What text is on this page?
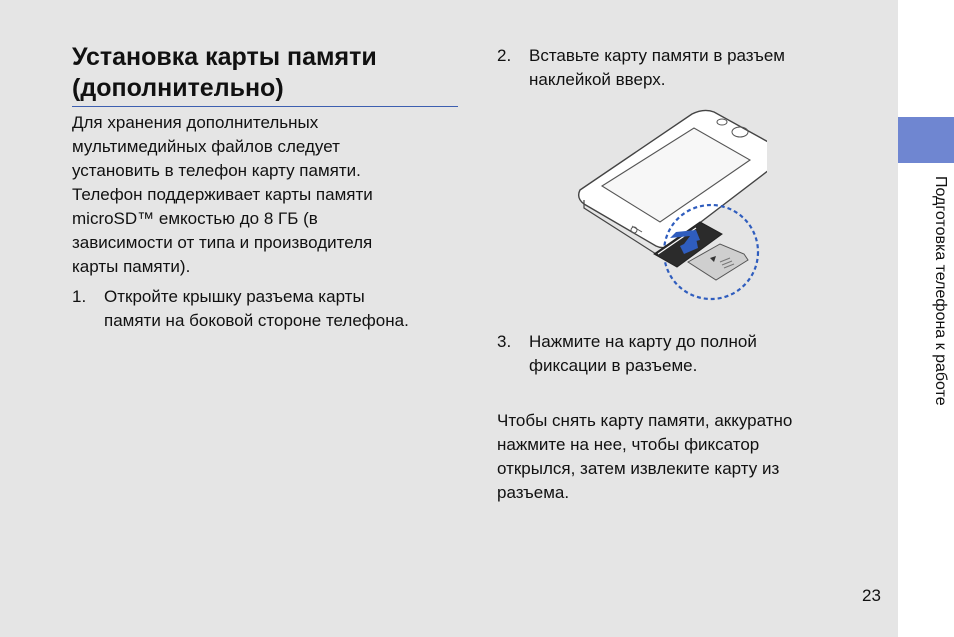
Установка карты памяти
(дополнительно)

Для хранения дополнительных
мультимедийных файлов следует
установить в телефон карту памяти.
Телефон поддерживает карты памяти
microSD™ емкостью до 8 ГБ (в
зависимости от типа и производителя
карты памяти).

1. Откройте крышку разъема карты
памяти на боковой стороне телефона.
2. Вставьте карту памяти в разъем
наклейкой вверх.
3. Нажмите на карту до полной
фиксации в разъеме.

Чтобы снять карту памяти, аккуратно
нажмите на нее, чтобы фиксатор
открылся, затем извлеките карту из
разъема.

23
Подготовка телефона к работе
